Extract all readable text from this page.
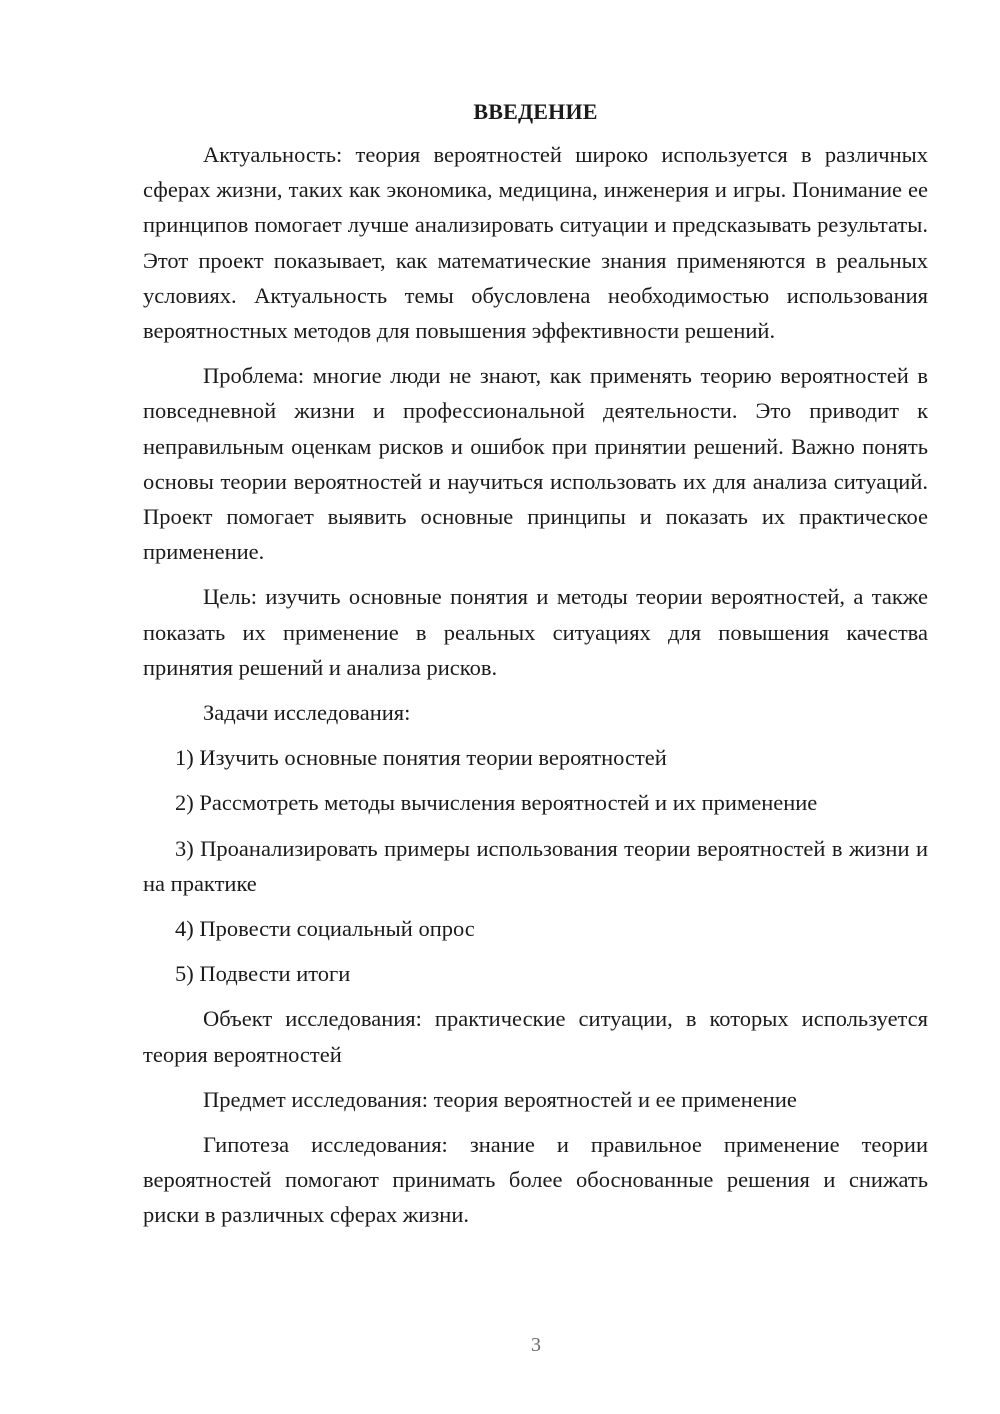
ВВЕДЕНИЕ

Актуальность: теория вероятностей широко используется в различных сферах жизни, таких как экономика, медицина, инженерия и игры. Понимание ее принципов помогает лучше анализировать ситуации и предсказывать результаты. Этот проект показывает, как математические знания применяются в реальных условиях. Актуальность темы обусловлена необходимостью использования вероятностных методов для повышения эффективности решений.

Проблема: многие люди не знают, как применять теорию вероятностей в повседневной жизни и профессиональной деятельности. Это приводит к неправильным оценкам рисков и ошибок при принятии решений. Важно понять основы теории вероятностей и научиться использовать их для анализа ситуаций. Проект помогает выявить основные принципы и показать их практическое применение.

Цель: изучить основные понятия и методы теории вероятностей, а также показать их применение в реальных ситуациях для повышения качества принятия решений и анализа рисков.

Задачи исследования:

1) Изучить основные понятия теории вероятностей

2) Рассмотреть методы вычисления вероятностей и их применение

3) Проанализировать примеры использования теории вероятностей в жизни и на практике

4) Провести социальный опрос

5) Подвести итоги

Объект исследования: практические ситуации, в которых используется теория вероятностей

Предмет исследования: теория вероятностей и ее применение

Гипотеза исследования: знание и правильное применение теории вероятностей помогают принимать более обоснованные решения и снижать риски в различных сферах жизни.

3
